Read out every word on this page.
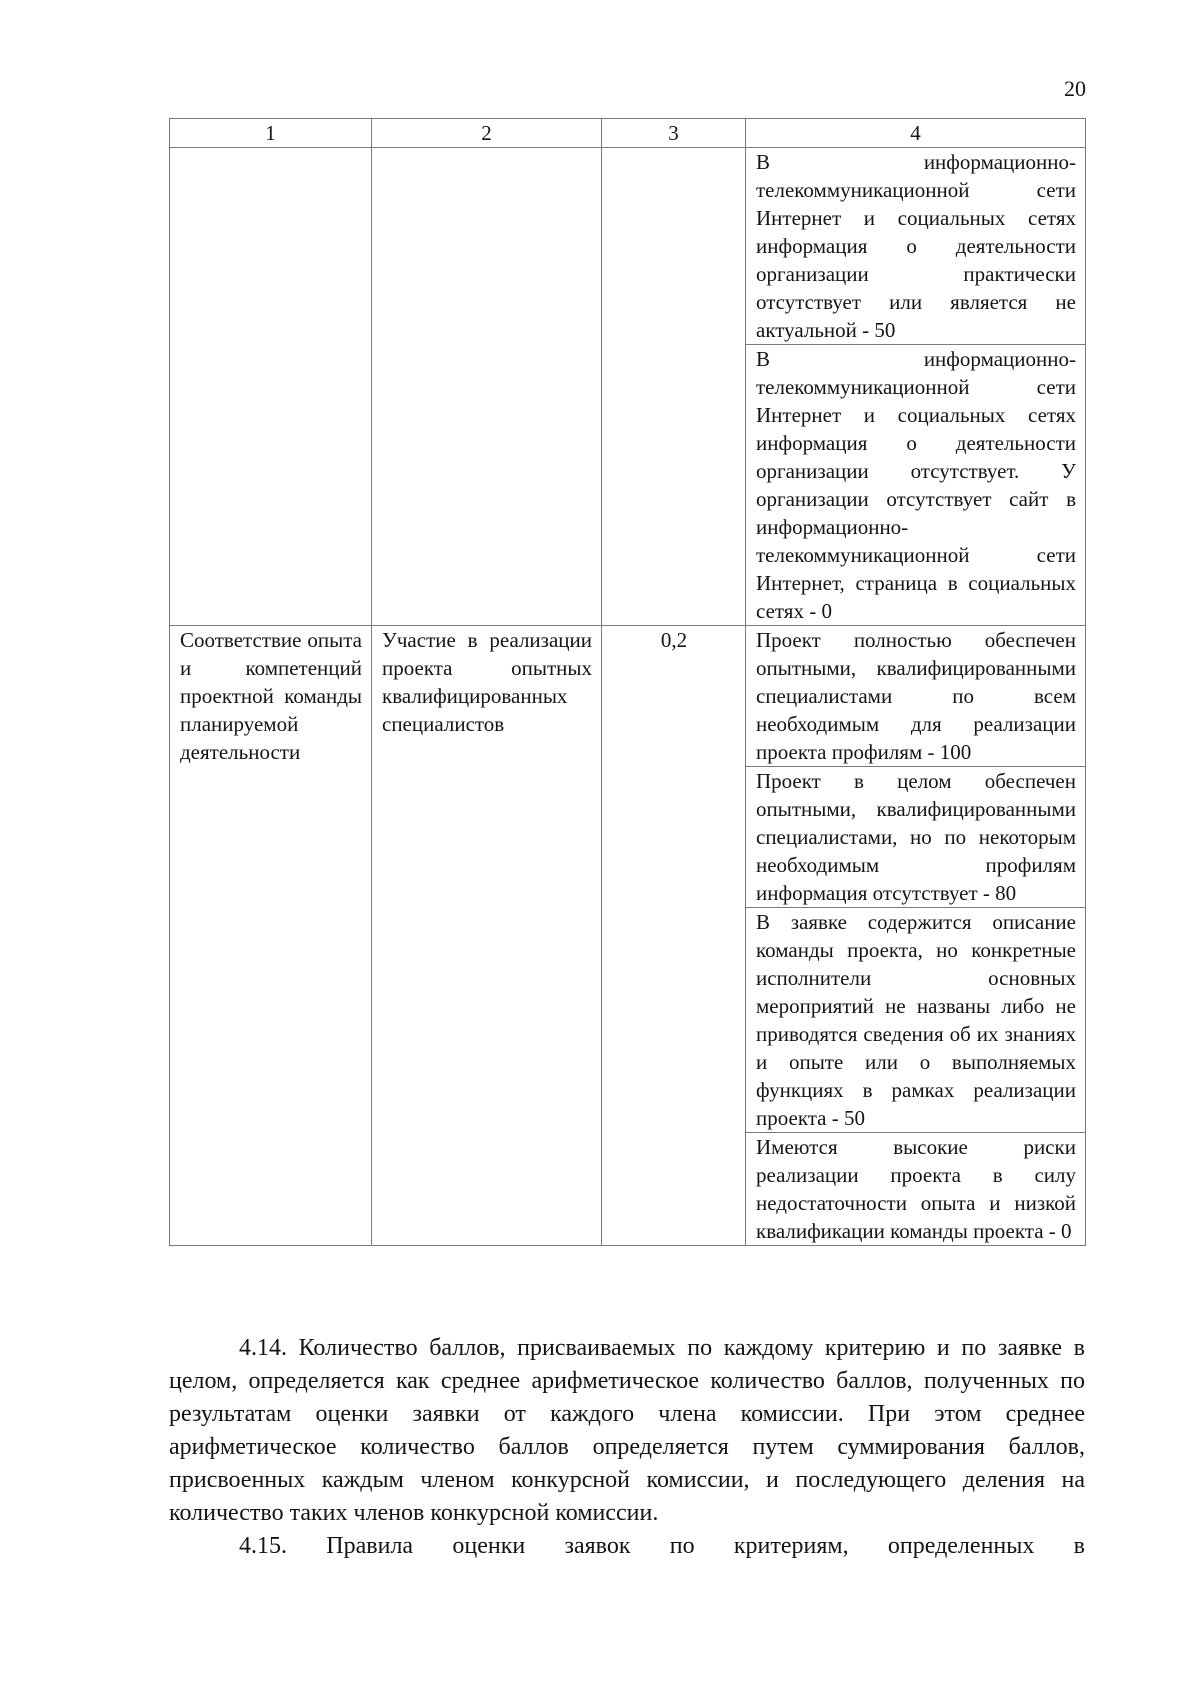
20
1	2	3	4
			В информационно-телекоммуникационной сети Интернет и социальных сетях информация о деятельности организации практически отсутствует или является не актуальной - 50
			В информационно-телекоммуникационной сети Интернет и социальных сетях информация о деятельности организации отсутствует. У организации отсутствует сайт в информационно-телекоммуникационной сети Интернет, страница в социальных сетях - 0
Соответствие опыта и компетенций проектной команды планируемой деятельности	Участие в реализации проекта опытных квалифицированных специалистов	0,2	Проект полностью обеспечен опытными, квалифицированными специалистами по всем необходимым для реализации проекта профилям - 100
			Проект в целом обеспечен опытными, квалифицированными специалистами, но по некоторым необходимым профилям информация отсутствует - 80
			В заявке содержится описание команды проекта, но конкретные исполнители основных мероприятий не названы либо не приводятся сведения об их знаниях и опыте или о выполняемых функциях в рамках реализации проекта - 50
			Имеются высокие риски реализации проекта в силу недостаточности опыта и низкой квалификации команды проекта - 0

4.14. Количество баллов, присваиваемых по каждому критерию и по заявке в целом, определяется как среднее арифметическое количество баллов, полученных по результатам оценки заявки от каждого члена комиссии. При этом среднее арифметическое количество баллов определяется путем суммирования баллов, присвоенных каждым членом конкурсной комиссии, и последующего деления на количество таких членов конкурсной комиссии.

4.15. Правила оценки заявок по критериям, определенных в
